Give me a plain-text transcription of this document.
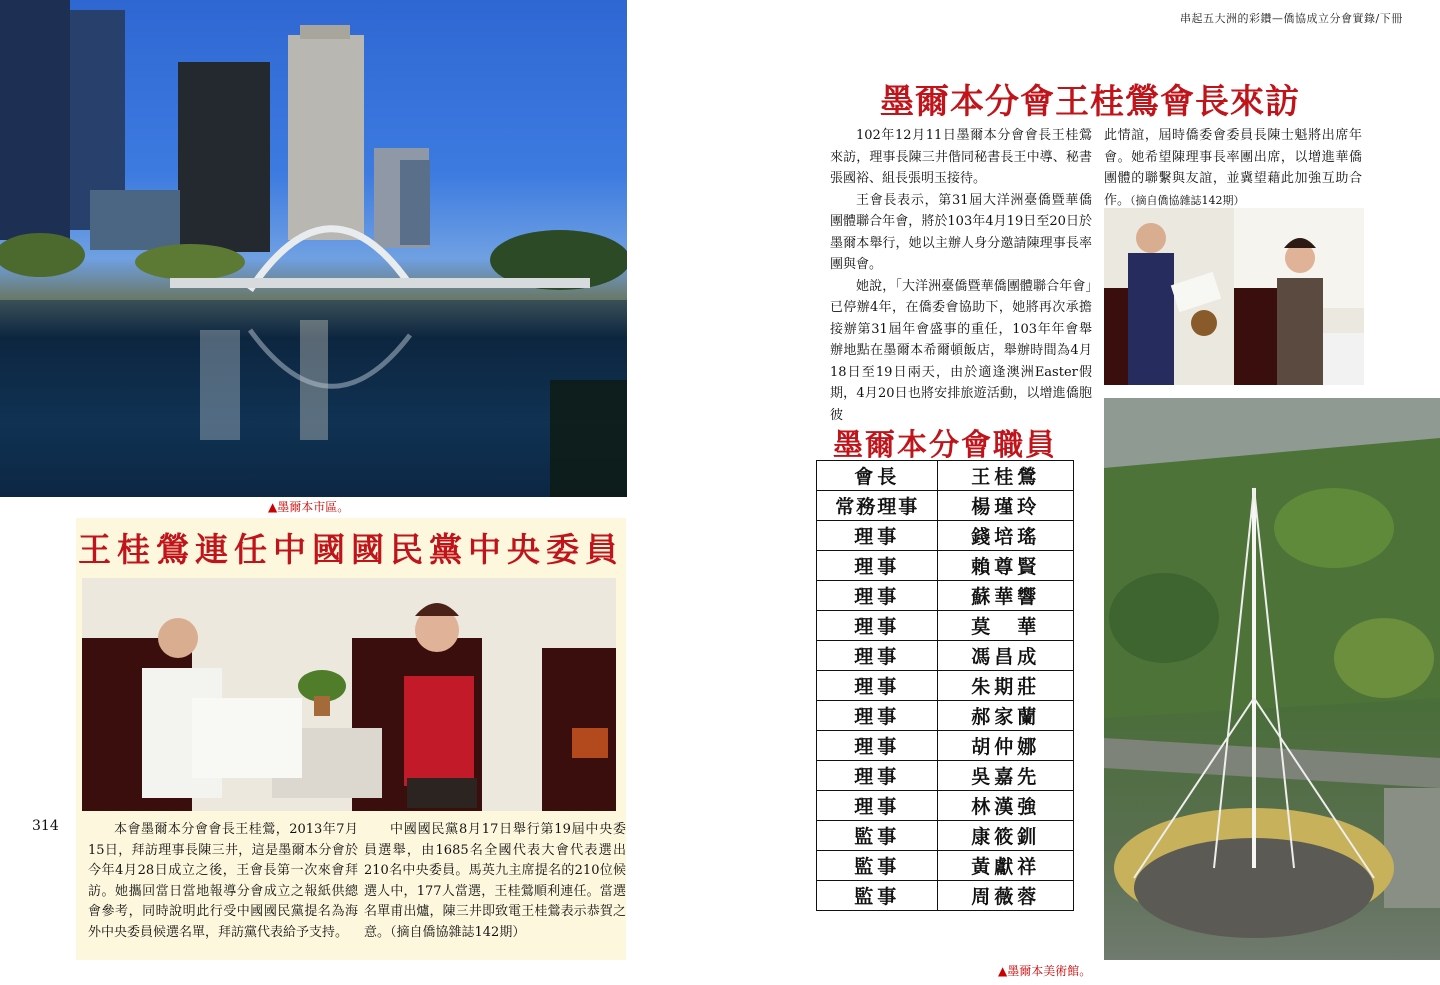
▲墨爾本市區。
王桂鶯連任中國國民黨中央委員
314	本會墨爾本分會會長王桂鶯，2013年7月15日，拜訪理事長陳三井，這是墨爾本分會於今年4月28日成立之後，王會長第一次來會拜訪。她攜回當日當地報導分會成立之報紙供總會參考，同時說明此行受中國國民黨提名為海外中央委員候選名單，拜訪黨代表給予支持。
中國國民黨8月17日舉行第19屆中央委員選舉，由1685名全國代表大會代表選出210名中央委員。馬英九主席提名的210位候選人中，177人當選，王桂鶯順利連任。當選名單甫出爐，陳三井即致電王桂鶯表示恭賀之意。（摘自僑協雜誌142期）
串起五大洲的彩鑽—僑協成立分會實錄/下冊
墨爾本分會王桂鶯會長來訪
102年12月11日墨爾本分會會長王桂鶯來訪，理事長陳三井偕同秘書長王中導、秘書張國裕、組長張明玉接待。
王會長表示，第31屆大洋洲臺僑暨華僑團體聯合年會，將於103年4月19日至20日於墨爾本舉行，她以主辦人身分邀請陳理事長率團與會。
她說，「大洋洲臺僑暨華僑團體聯合年會」已停辦4年，在僑委會協助下，她將再次承擔接辦第31屆年會盛事的重任，103年年會舉辦地點在墨爾本希爾頓飯店，舉辦時間為4月18日至19日兩天，由於適逢澳洲Easter假期，4月20日也將安排旅遊活動，以增進僑胞彼
此情誼，屆時僑委會委員長陳士魁將出席年會。她希望陳理事長率團出席，以增進華僑團體的聯繫與友誼，並冀望藉此加強互助合作。（摘自僑協雜誌142期）
墨爾本分會職員
會長	王桂鶯
常務理事	楊瑾玲
理事	錢培瑤
理事	賴尊賢
理事	蘇華響
理事	莫　華
理事	馮昌成
理事	朱期莊
理事	郝家蘭
理事	胡仲娜
理事	吳嘉先
理事	林漢強
監事	康筱釧
監事	黃獻祥
監事	周薇蓉
▲墨爾本美術館。
